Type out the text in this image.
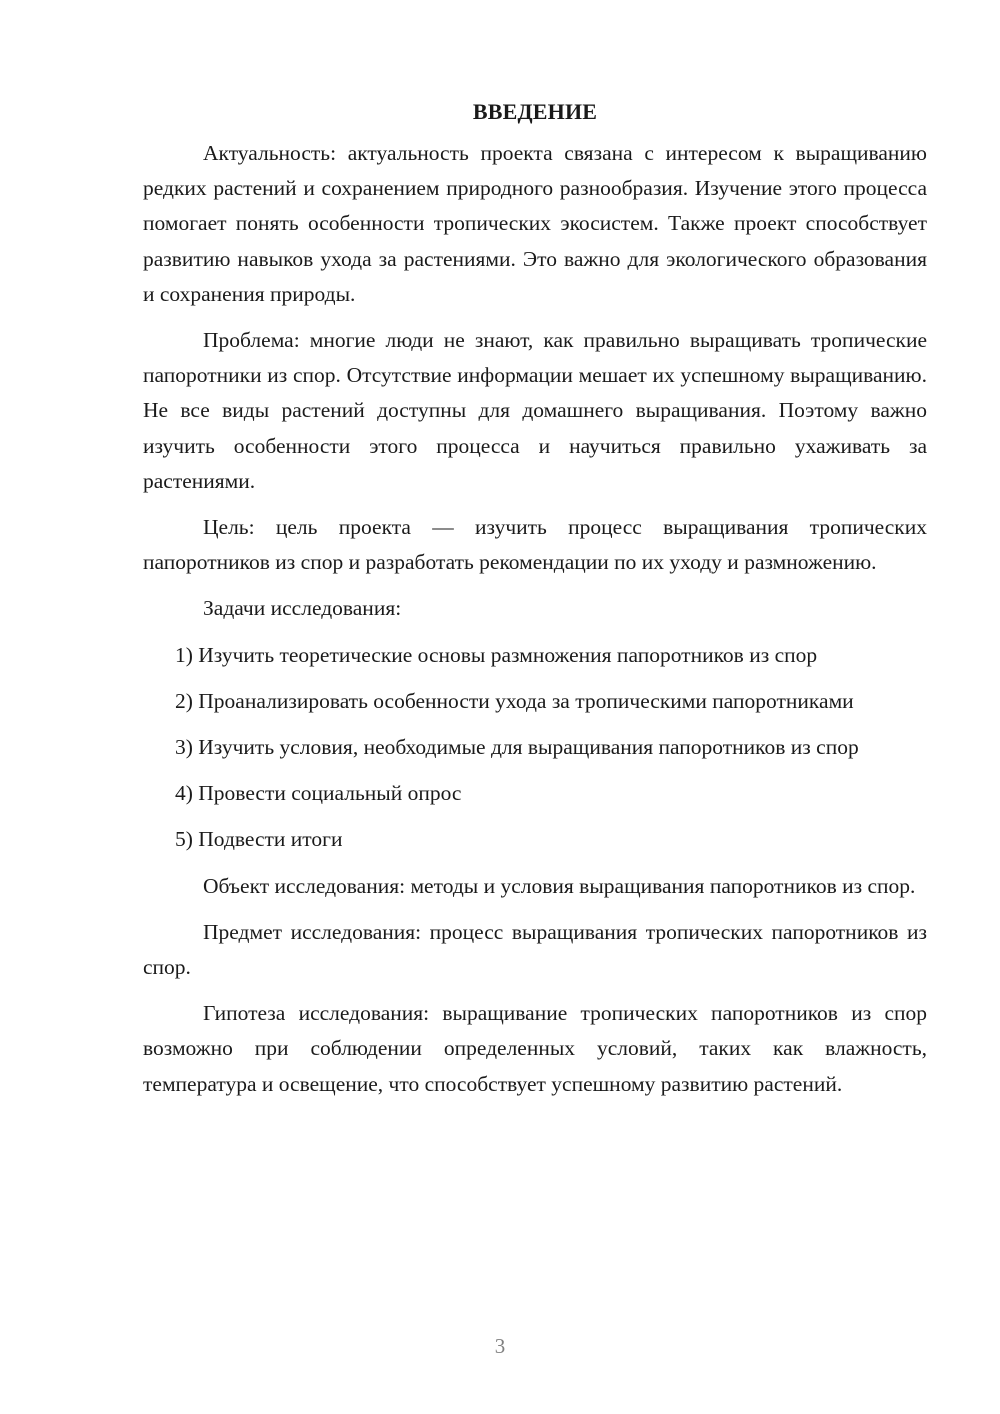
ВВЕДЕНИЕ

Актуальность: актуальность проекта связана с интересом к выращиванию редких растений и сохранением природного разнообразия. Изучение этого процесса помогает понять особенности тропических экосистем. Также проект способствует развитию навыков ухода за растениями. Это важно для экологического образования и сохранения природы.

Проблема: многие люди не знают, как правильно выращивать тропические папоротники из спор. Отсутствие информации мешает их успешному выращиванию. Не все виды растений доступны для домашнего выращивания. Поэтому важно изучить особенности этого процесса и научиться правильно ухаживать за растениями.

Цель: цель проекта — изучить процесс выращивания тропических папоротников из спор и разработать рекомендации по их уходу и размножению.

Задачи исследования:

1) Изучить теоретические основы размножения папоротников из спор

2) Проанализировать особенности ухода за тропическими папоротниками

3) Изучить условия, необходимые для выращивания папоротников из спор

4) Провести социальный опрос

5) Подвести итоги

Объект исследования: методы и условия выращивания папоротников из спор.

Предмет исследования: процесс выращивания тропических папоротников из спор.

Гипотеза исследования: выращивание тропических папоротников из спор возможно при соблюдении определенных условий, таких как влажность, температура и освещение, что способствует успешному развитию растений.

3
